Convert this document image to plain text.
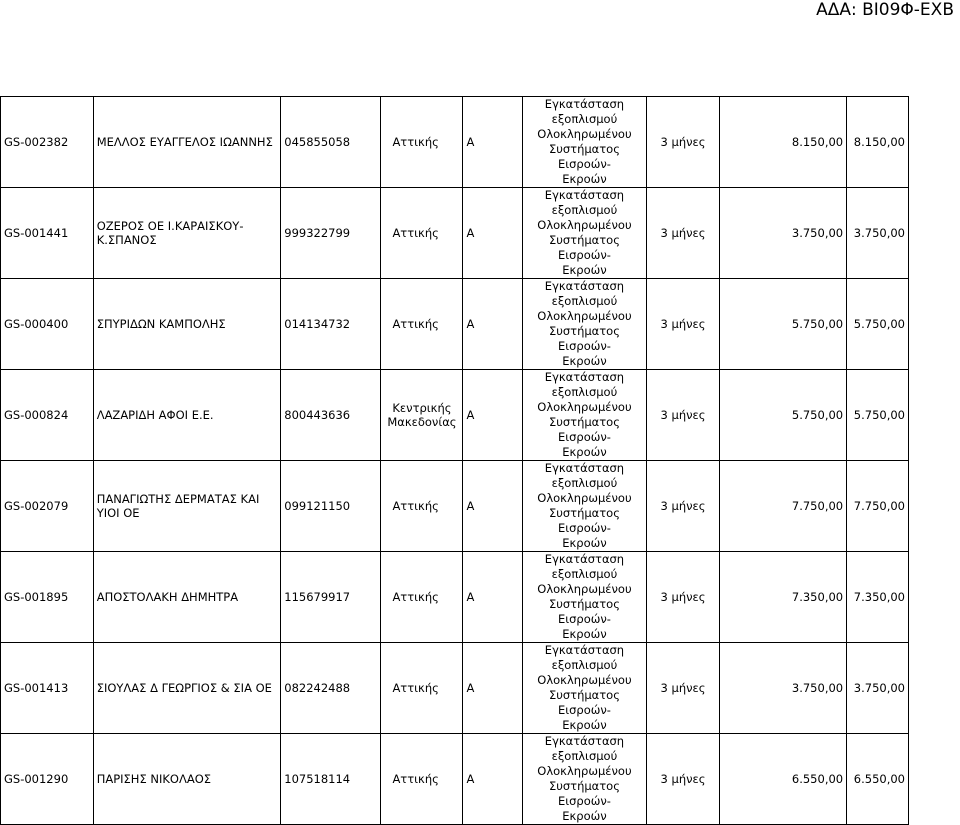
ΑΔΑ: ΒΙ09Φ-ΕΧΒ
GS-002382	ΜΕΛΛΟΣ ΕΥΑΓΓΕΛΟΣ ΙΩΑΝΝΗΣ	045855058	Αττικής	Α	Εγκατάσταση
εξοπλισμού
Ολοκληρωμένου
Συστήματος Εισροών-
Εκροών	3 μήνες	8.150,00	8.150,00
GS-001441	ΟΖΕΡΟΣ ΟΕ Ι.ΚΑΡΑΙΣΚΟΥ-Κ.ΣΠΑΝΟΣ	999322799	Αττικής	Α	Εγκατάσταση
εξοπλισμού
Ολοκληρωμένου
Συστήματος Εισροών-
Εκροών	3 μήνες	3.750,00	3.750,00
GS-000400	ΣΠΥΡΙΔΩΝ ΚΑΜΠΟΛΗΣ	014134732	Αττικής	Α	Εγκατάσταση
εξοπλισμού
Ολοκληρωμένου
Συστήματος Εισροών-
Εκροών	3 μήνες	5.750,00	5.750,00
GS-000824	ΛΑΖΑΡΙΔΗ ΑΦΟΙ Ε.Ε.	800443636	Κεντρικής Μακεδονίας	Α	Εγκατάσταση
εξοπλισμού
Ολοκληρωμένου
Συστήματος Εισροών-
Εκροών	3 μήνες	5.750,00	5.750,00
GS-002079	ΠΑΝΑΓΙΩΤΗΣ ΔΕΡΜΑΤΑΣ ΚΑΙ ΥΙΟΙ ΟΕ	099121150	Αττικής	Α	Εγκατάσταση
εξοπλισμού
Ολοκληρωμένου
Συστήματος Εισροών-
Εκροών	3 μήνες	7.750,00	7.750,00
GS-001895	ΑΠΟΣΤΟΛΑΚΗ ΔΗΜΗΤΡΑ	115679917	Αττικής	Α	Εγκατάσταση
εξοπλισμού
Ολοκληρωμένου
Συστήματος Εισροών-
Εκροών	3 μήνες	7.350,00	7.350,00
GS-001413	ΣΙΟΥΛΑΣ Δ ΓΕΩΡΓΙΟΣ & ΣΙΑ ΟΕ	082242488	Αττικής	Α	Εγκατάσταση
εξοπλισμού
Ολοκληρωμένου
Συστήματος Εισροών-
Εκροών	3 μήνες	3.750,00	3.750,00
GS-001290	ΠΑΡΙΣΗΣ ΝΙΚΟΛΑΟΣ	107518114	Αττικής	Α	Εγκατάσταση
εξοπλισμού
Ολοκληρωμένου
Συστήματος Εισροών-
Εκροών	3 μήνες	6.550,00	6.550,00
